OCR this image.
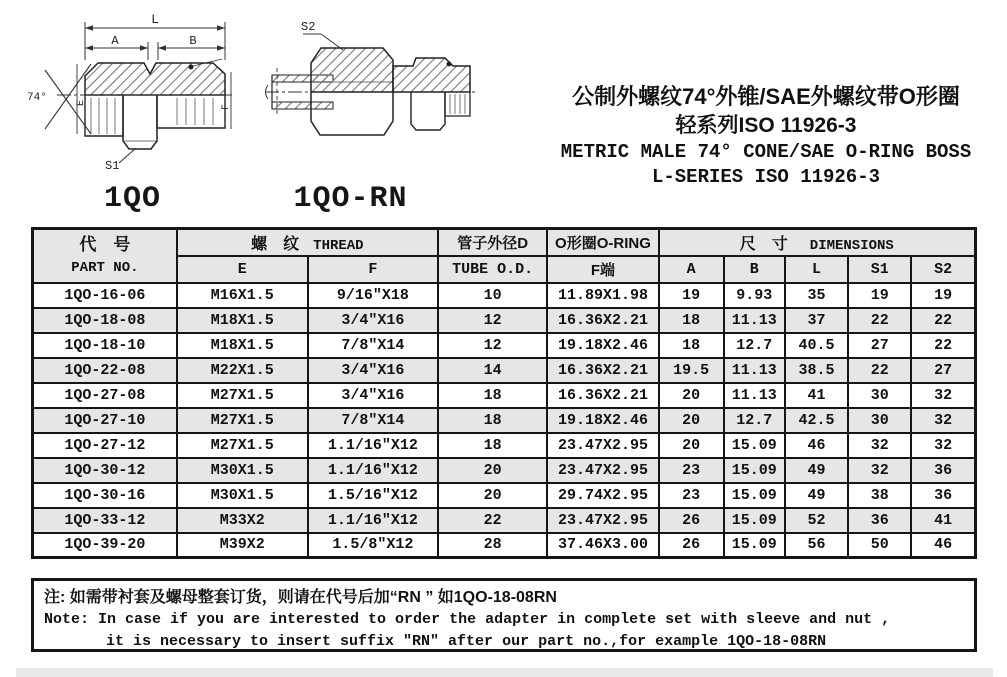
L
A	B
74°	E
F
S1
1QO
S2
1QO-RN
公制外螺纹74°外锥/SAE外螺纹带O形圈
轻系列ISO 11926-3
METRIC MALE 74° CONE/SAE O-RING BOSS
L-SERIES ISO 11926-3
代　号
PART NO.	螺　纹 THREAD		管子外径D	O形圈O-RING	尺　寸 DIMENSIONS				
	E	F	TUBE O.D.	F端	A	B	L	S1	S2
1QO-16-06	M16X1.5	9/16″X18	10	11.89X1.98	19	9.93	35	19	19
1QO-18-08	M18X1.5	3/4″X16	12	16.36X2.21	18	11.13	37	22	22
1QO-18-10	M18X1.5	7/8″X14	12	19.18X2.46	18	12.7	40.5	27	22
1QO-22-08	M22X1.5	3/4″X16	14	16.36X2.21	19.5	11.13	38.5	22	27
1QO-27-08	M27X1.5	3/4″X16	18	16.36X2.21	20	11.13	41	30	32
1QO-27-10	M27X1.5	7/8″X14	18	19.18X2.46	20	12.7	42.5	30	32
1QO-27-12	M27X1.5	1.1/16″X12	18	23.47X2.95	20	15.09	46	32	32
1QO-30-12	M30X1.5	1.1/16″X12	20	23.47X2.95	23	15.09	49	32	36
1QO-30-16	M30X1.5	1.5/16″X12	20	29.74X2.95	23	15.09	49	38	36
1QO-33-12	M33X2	1.1/16″X12	22	23.47X2.95	26	15.09	52	36	41
1QO-39-20	M39X2	1.5/8″X12	28	37.46X3.00	26	15.09	56	50	46
注: 如需带衬套及螺母整套订货，则请在代号后加“RN ” 如1QO-18-08RN
Note: In case if you are interested to order the adapter in complete set with sleeve and nut ,
it is necessary to insert suffix ″RN″ after our part no.,for example 1QO-18-08RN
